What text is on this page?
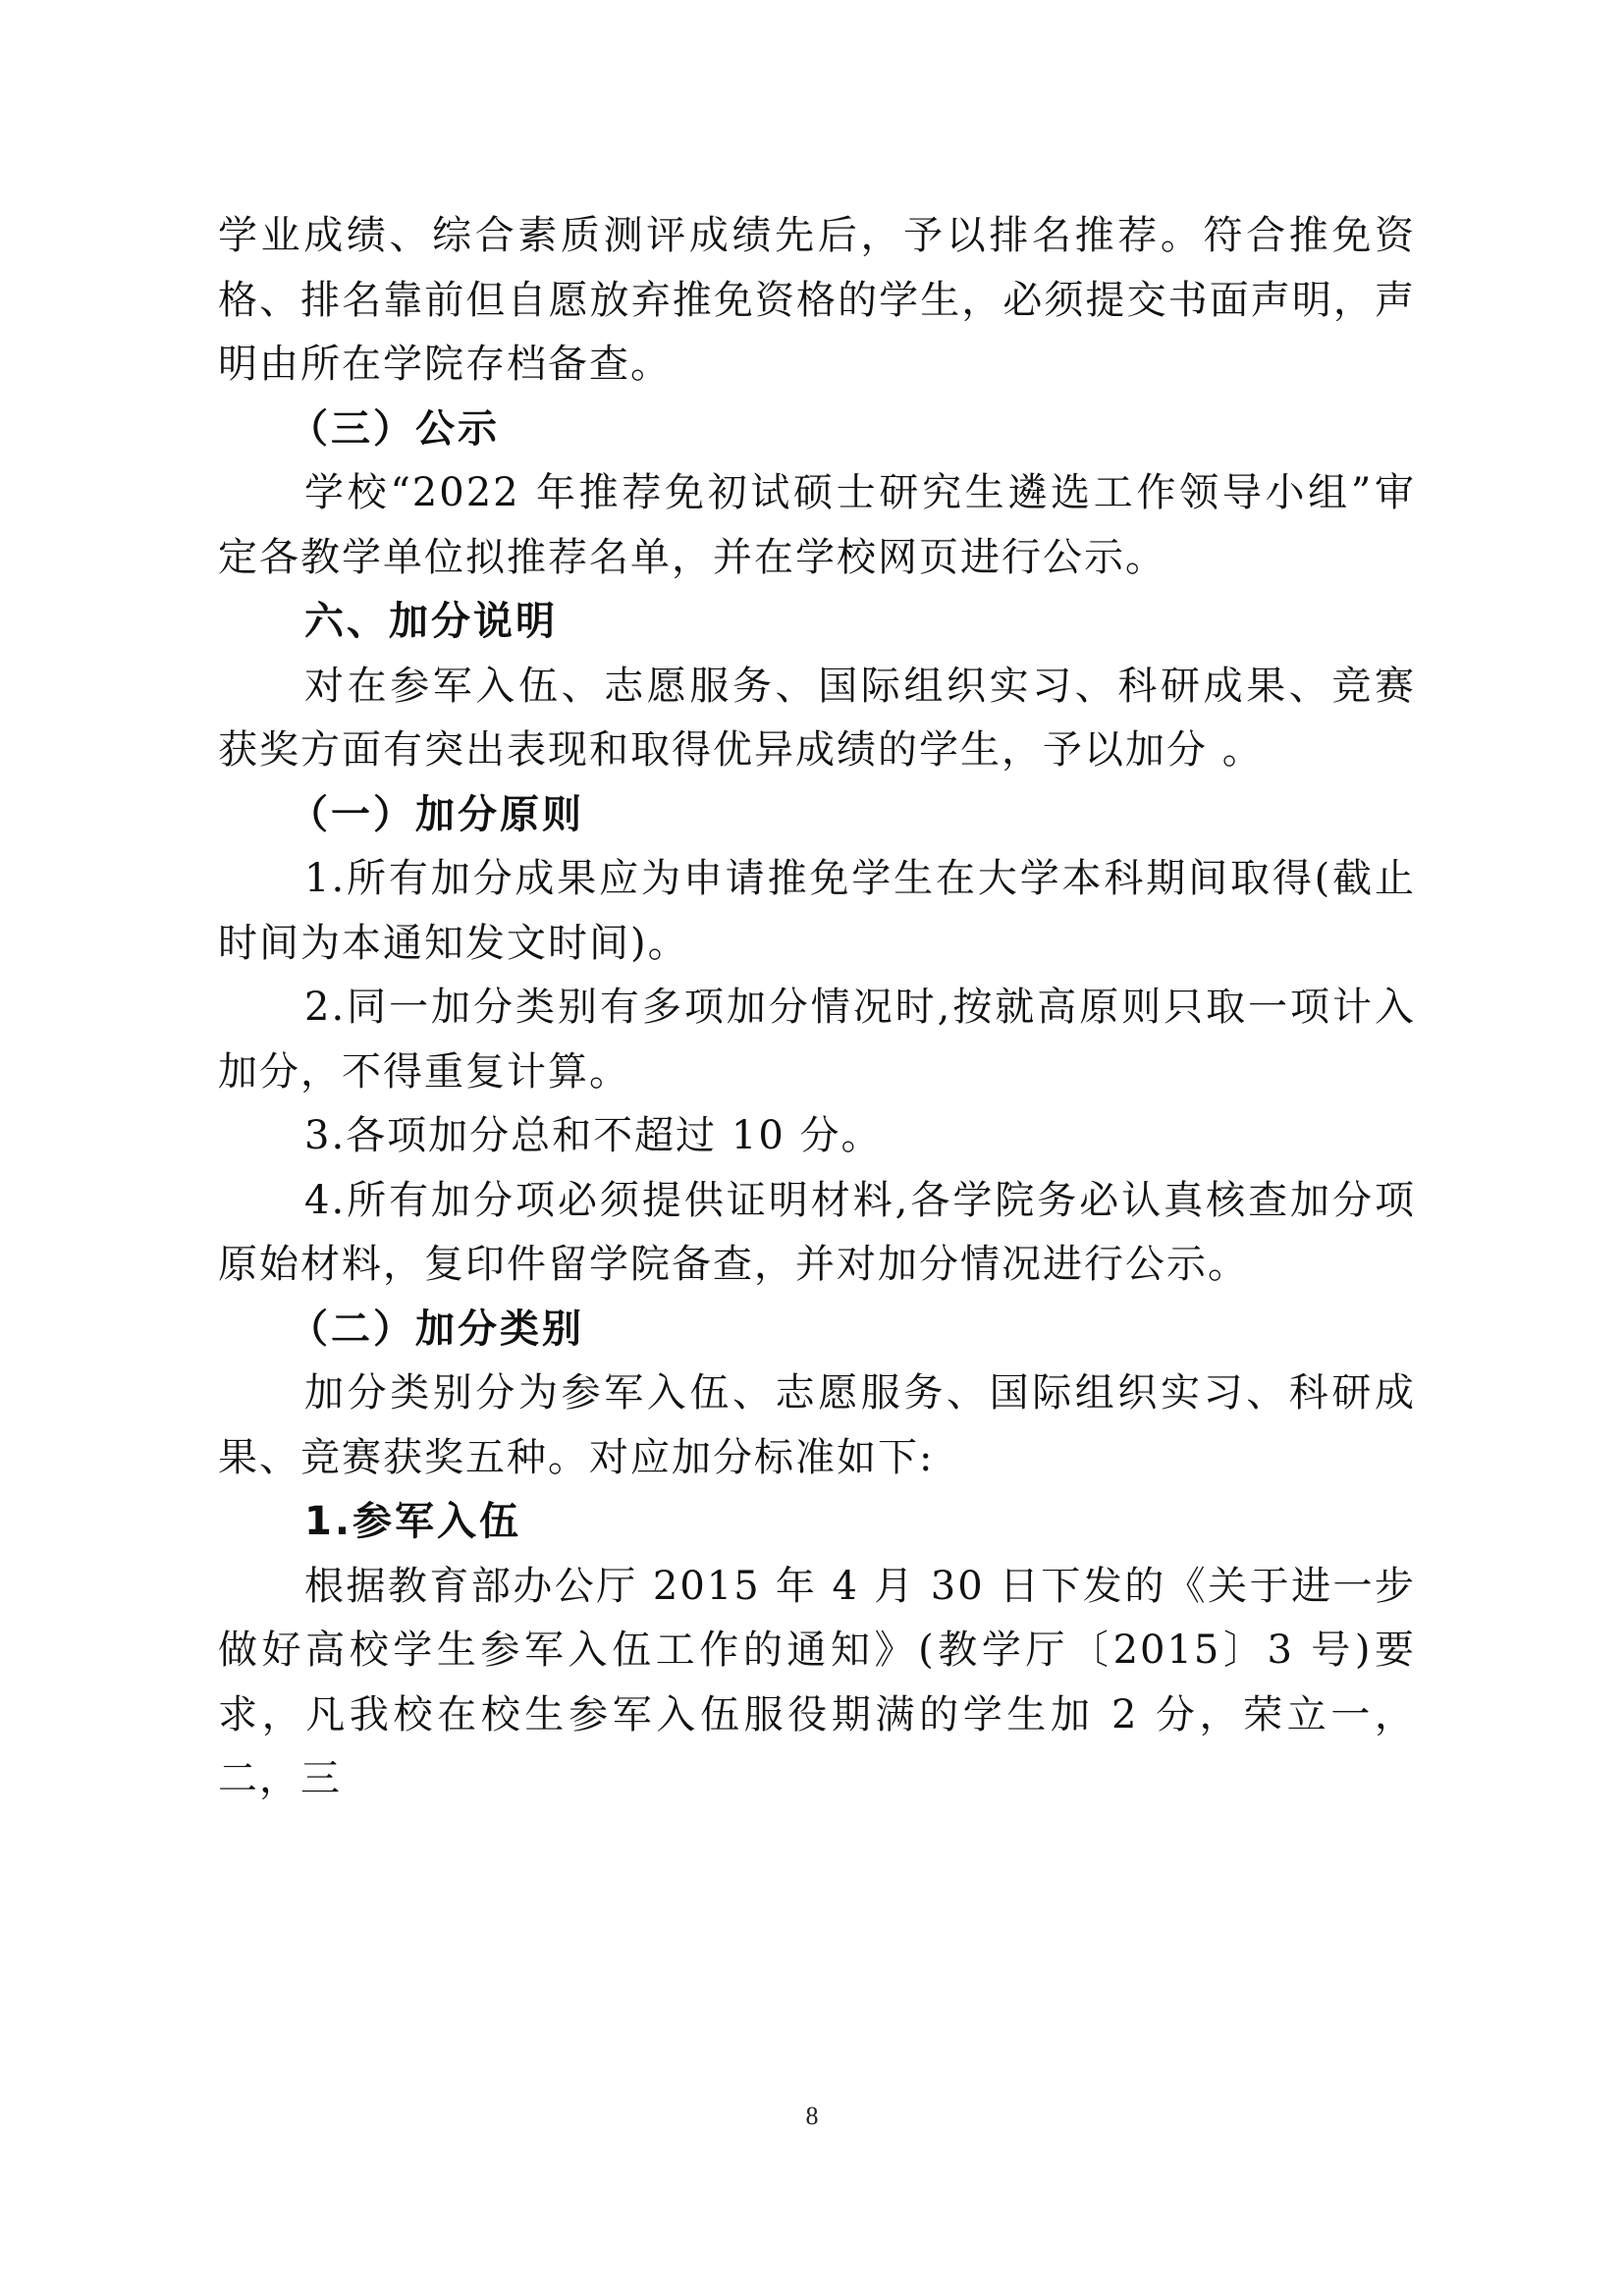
学业成绩、综合素质测评成绩先后，予以排名推荐。符合推免资格、排名靠前但自愿放弃推免资格的学生，必须提交书面声明，声明由所在学院存档备查。

（三）公示

学校“2022 年推荐免初试硕士研究生遴选工作领导小组”审定各教学单位拟推荐名单，并在学校网页进行公示。

六、加分说明

对在参军入伍、志愿服务、国际组织实习、科研成果、竞赛获奖方面有突出表现和取得优异成绩的学生，予以加分 。

（一）加分原则

1.所有加分成果应为申请推免学生在大学本科期间取得(截止时间为本通知发文时间)。

2.同一加分类别有多项加分情况时,按就高原则只取一项计入加分，不得重复计算。

3.各项加分总和不超过 10 分。

4.所有加分项必须提供证明材料,各学院务必认真核查加分项原始材料，复印件留学院备查，并对加分情况进行公示。

（二）加分类别

加分类别分为参军入伍、志愿服务、国际组织实习、科研成果、竞赛获奖五种。对应加分标准如下:

1.参军入伍

根据教育部办公厅 2015 年 4 月 30 日下发的《关于进一步做好高校学生参军入伍工作的通知》(教学厅〔2015〕3 号)要求，凡我校在校生参军入伍服役期满的学生加 2 分，荣立一，二，三

8
